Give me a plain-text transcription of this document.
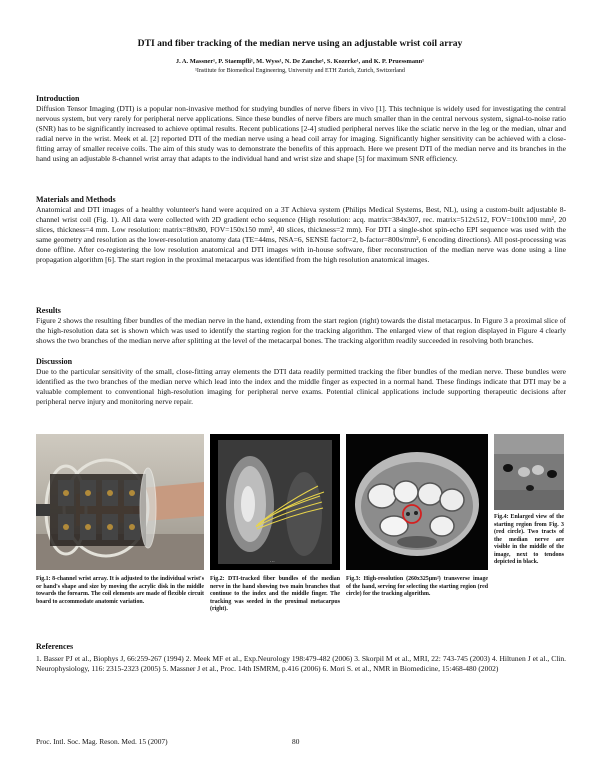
DTI and fiber tracking of the median nerve using an adjustable wrist coil array
J. A. Massner¹, P. Staempfli¹, M. Wyss¹, N. De Zanche¹, S. Kozerke¹, and K. P. Pruessmann¹
¹Institute for Biomedical Engineering, University and ETH Zurich, Zurich, Switzerland
Introduction
Diffusion Tensor Imaging (DTI) is a popular non-invasive method for studying bundles of nerve fibers in vivo [1]. This technique is widely used for investigating the central nervous system, but very rarely for peripheral nerve applications. Since these bundles of nerve fibers are much smaller than in the central nervous system, signal-to-noise ratio (SNR) has to be significantly increased to achieve optimal results. Recent publications [2-4] studied peripheral nerves like the sciatic nerve in the leg or the median, ulnar and radial nerve in the wrist. Meek et al. [2] reported DTI of the median nerve using a head coil array for imaging. Significantly higher sensitivity can be achieved with a close-fitting array of smaller receive coils. The aim of this study was to demonstrate the benefits of this approach. Here we present DTI of the median nerve and its branches in the hand using an adjustable 8-channel wrist array that adapts to the individual hand and wrist size and shape [5] for maximum SNR efficiency.
Materials and Methods
Anatomical and DTI images of a healthy volunteer's hand were acquired on a 3T Achieva system (Philips Medical Systems, Best, NL), using a custom-built adjustable 8-channel wrist coil (Fig. 1). All data were collected with 2D gradient echo sequence (High resolution: acq. matrix=384x307, rec. matrix=512x512, FOV=100x100 mm², 20 slices, thickness=4 mm. Low resolution: matrix=80x80, FOV=150x150 mm², 40 slices, thickness=2 mm). For DTI a single-shot spin-echo EPI sequence was used with the same geometry and resolution as the lower-resolution anatomy data (TE=44ms, NSA=6, SENSE factor=2, b-factor=800s/mm², 6 encoding directions). All post-processing was done offline. After co-registering the low resolution anatomical and DTI images with in-house software, fiber reconstruction of the median nerve was done using a line propagation algorithm [6]. The start region in the proximal metacarpus was identified from the high resolution anatomical images.
Results
Figure 2 shows the resulting fiber bundles of the median nerve in the hand, extending from the start region (right) towards the distal metacarpus. In Figure 3 a proximal slice of the high-resolution data set is shown which was used to identify the starting region for the tracking algorithm. The enlarged view of that region displayed in Figure 4 clearly shows the two branches of the median nerve after splitting at the level of the metacarpal bones. The tracking algorithm readily succeeded in resolving both branches.
Discussion
Due to the particular sensitivity of the small, close-fitting array elements the DTI data readily permitted tracking the fiber bundles of the median nerve. These bundles were identified as the two branches of the median nerve which lead into the index and the middle finger as expected in a normal hand. These findings indicate that DTI may be a valuable complement to conventional high-resolution imaging for peripheral nerve exams. Potential clinical applications include supporting therapeutic decisions after peripheral nerve injury and monitoring nerve repair.
Fig.1: 8-channel wrist array. It is adjusted to the individual wrist's or hand's shape and size by moving the acrylic disk in the middle towards the forearm. The coil elements are made of flexible circuit board to accommodate anatomic variation.
…
Fig.2: DTI-tracked fiber bundles of the median nerve in the hand showing two main branches that continue to the index and the middle finger. The tracking was seeded in the proximal metacarpus (right).
Fig.3: High-resolution (260x325μm²) transverse image of the hand, serving for selecting the starting region (red circle) for the tracking algorithm.
Fig.4: Enlarged view of the starting region from Fig. 3 (red circle). Two tracts of the median nerve are visible in the middle of the image, next to tendons depicted in black.
References
1. Basser PJ et al., Biophys J, 66:259-267 (1994) 2. Meek MF et al., Exp.Neurology 198:479-482 (2006) 3. Skorpil M et al., MRI, 22: 743-745 (2003) 4. Hiltunen J et al., Clin. Neurophysiology, 116: 2315-2323 (2005) 5. Massner J et al., Proc. 14th ISMRM, p.416 (2006) 6. Mori S. et al., NMR in Biomedicine, 15:468-480 (2002)
Proc. Intl. Soc. Mag. Reson. Med. 15 (2007)	80
